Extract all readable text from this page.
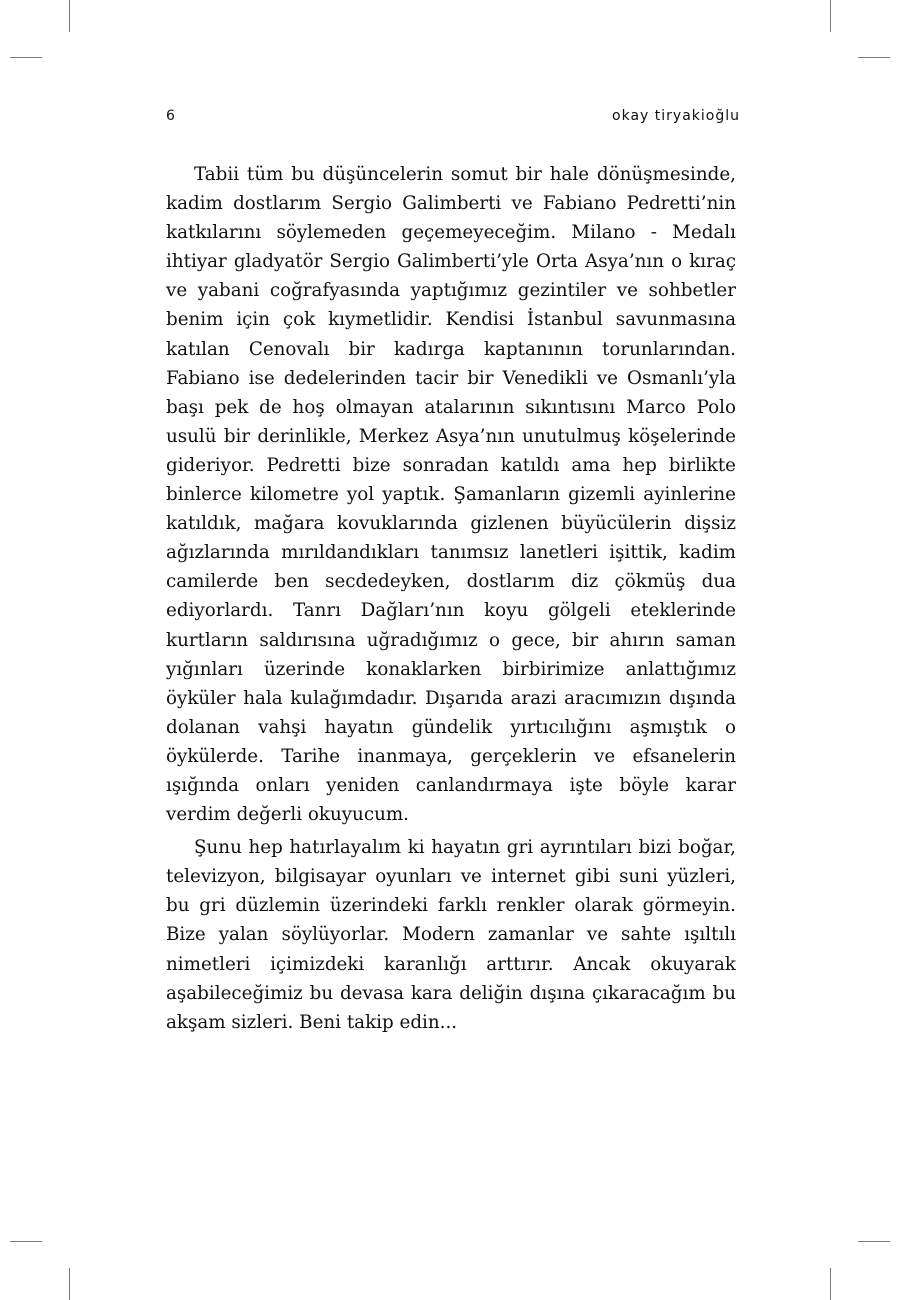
6	okay tiryakioğlu

Tabii tüm bu düşüncelerin somut bir hale dönüşmesinde, kadim dostlarım Sergio Galimberti ve Fabiano Pedretti’nin katkılarını söylemeden geçemeyeceğim. Milano - Medalı ihtiyar gladyatör Sergio Galimberti’yle Orta Asya’nın o kıraç ve yabani coğrafyasında yaptığımız gezintiler ve sohbetler benim için çok kıymetlidir. Kendisi İstanbul savunmasına katılan Cenovalı bir kadırga kaptanının torunlarından. Fabiano ise dedelerinden tacir bir Venedikli ve Osmanlı’yla başı pek de hoş olmayan atalarının sıkıntısını Marco Polo usulü bir derinlikle, Merkez Asya’nın unutulmuş köşelerinde gideriyor. Pedretti bize sonradan katıldı ama hep birlikte binlerce kilometre yol yaptık. Şamanların gizemli ayinlerine katıldık, mağara kovuklarında gizlenen büyücülerin dişsiz ağızlarında mırıldandıkları tanımsız lanetleri işittik, kadim camilerde ben secdedeyken, dostlarım diz çökmüş dua ediyorlardı. Tanrı Dağları’nın koyu gölgeli eteklerinde kurtların saldırısına uğradığımız o gece, bir ahırın saman yığınları üzerinde konaklarken birbirimize anlattığımız öyküler hala kulağımdadır. Dışarıda arazi aracımızın dışında dolanan vahşi hayatın gündelik yırtıcılığını aşmıştık o öykülerde. Tarihe inanmaya, gerçeklerin ve efsanelerin ışığında onları yeniden canlandırmaya işte böyle karar verdim değerli okuyucum.

Şunu hep hatırlayalım ki hayatın gri ayrıntıları bizi boğar, televizyon, bilgisayar oyunları ve internet gibi suni yüzleri, bu gri düzlemin üzerindeki farklı renkler olarak görmeyin. Bize yalan söylüyorlar. Modern zamanlar ve sahte ışıltılı nimetleri içimizdeki karanlığı arttırır. Ancak okuyarak aşabileceğimiz bu devasa kara deliğin dışına çıkaracağım bu akşam sizleri. Beni takip edin...
